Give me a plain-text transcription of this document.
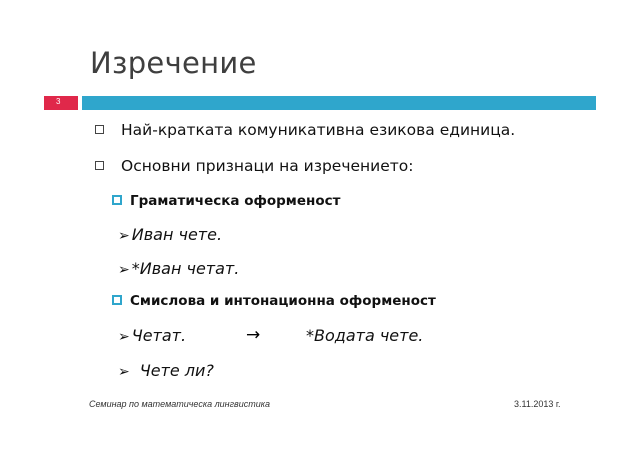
Изречение
3
Най-кратката комуникативна езикова единица.
Основни признаци на изречението:
Граматическа оформеност
➢ Иван чете.
➢ *Иван четат.
Смислова и интонационна оформеност
➢ Четат.	→	*Водата чете.
➢ Чете ли?
Семинар по математическа лингвистика	3.11.2013 г.
